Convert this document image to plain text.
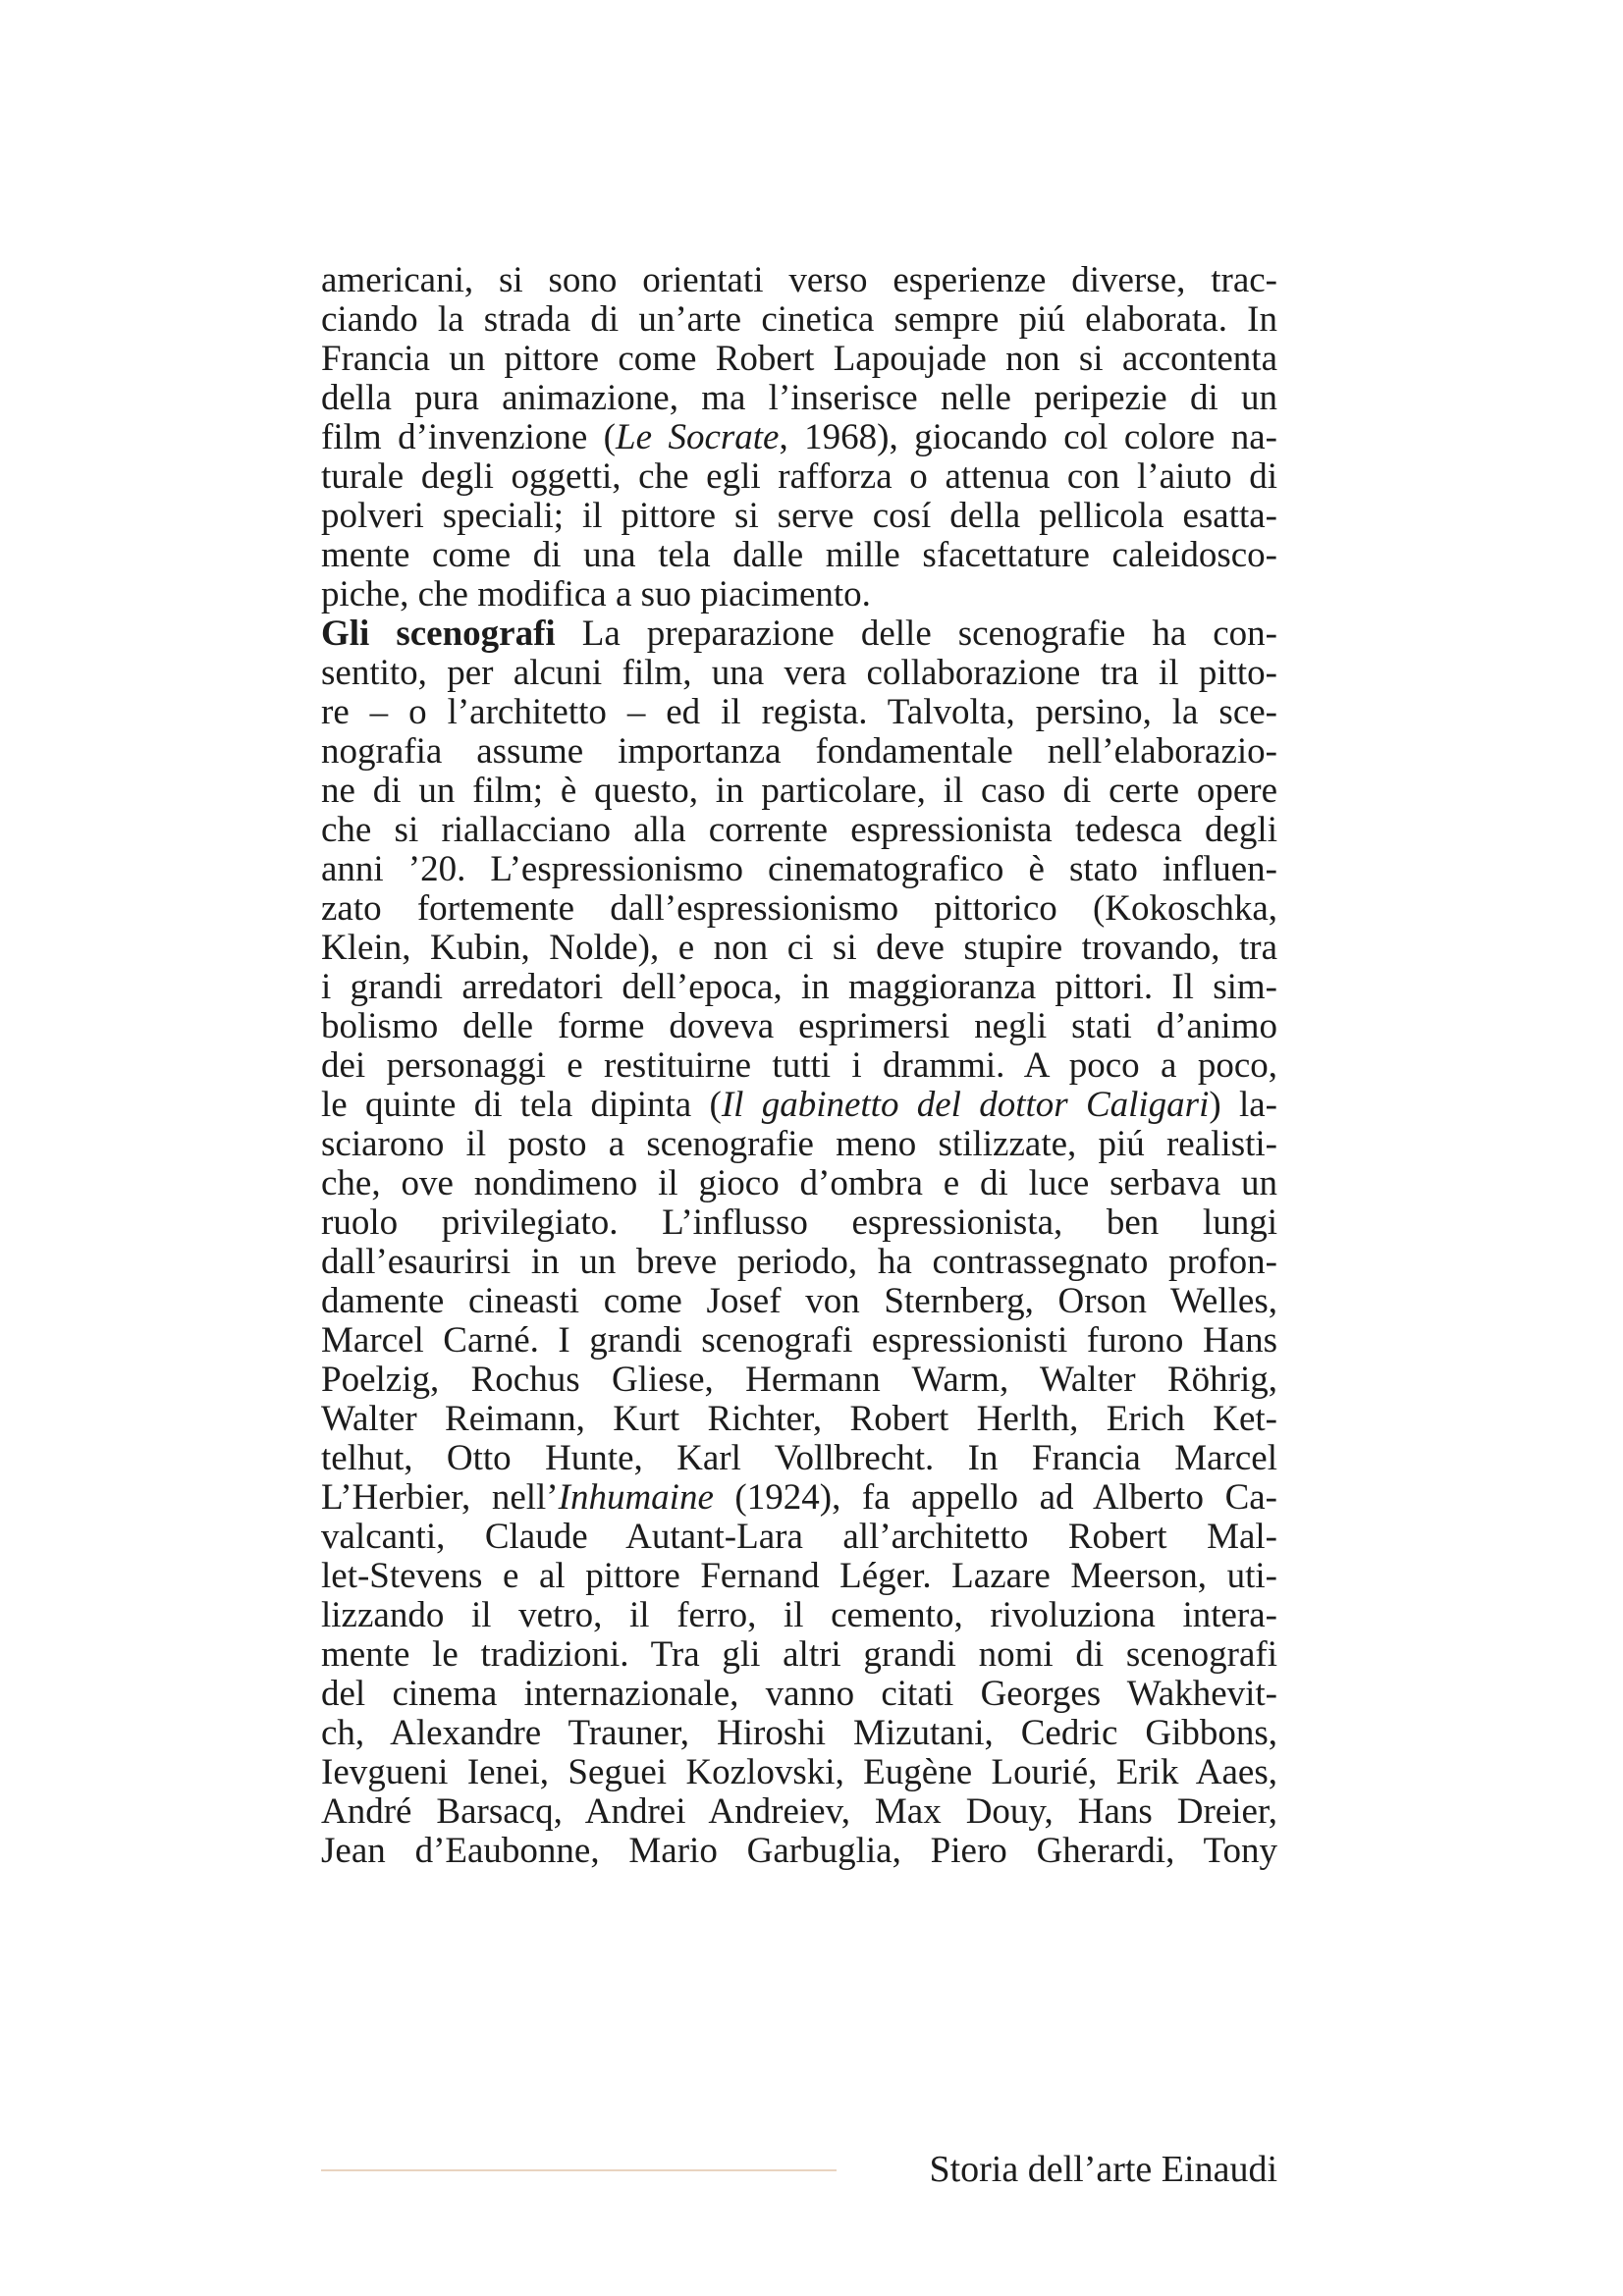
americani, si sono orientati verso esperienze diverse, trac-
ciando la strada di un’arte cinetica sempre piú elaborata. In
Francia un pittore come Robert Lapoujade non si accontenta
della pura animazione, ma l’inserisce nelle peripezie di un
film d’invenzione (Le Socrate, 1968), giocando col colore na-
turale degli oggetti, che egli rafforza o attenua con l’aiuto di
polveri speciali; il pittore si serve cosí della pellicola esatta-
mente come di una tela dalle mille sfacettature caleidosco-
piche, che modifica a suo piacimento.
Gli scenografi La preparazione delle scenografie ha con-
sentito, per alcuni film, una vera collaborazione tra il pitto-
re – o l’architetto – ed il regista. Talvolta, persino, la sce-
nografia assume importanza fondamentale nell’elaborazio-
ne di un film; è questo, in particolare, il caso di certe opere
che si riallacciano alla corrente espressionista tedesca degli
anni ’20. L’espressionismo cinematografico è stato influen-
zato fortemente dall’espressionismo pittorico (Kokoschka,
Klein, Kubin, Nolde), e non ci si deve stupire trovando, tra
i grandi arredatori dell’epoca, in maggioranza pittori. Il sim-
bolismo delle forme doveva esprimersi negli stati d’animo
dei personaggi e restituirne tutti i drammi. A poco a poco,
le quinte di tela dipinta (Il gabinetto del dottor Caligari) la-
sciarono il posto a scenografie meno stilizzate, piú realisti-
che, ove nondimeno il gioco d’ombra e di luce serbava un
ruolo privilegiato. L’influsso espressionista, ben lungi
dall’esaurirsi in un breve periodo, ha contrassegnato profon-
damente cineasti come Josef von Sternberg, Orson Welles,
Marcel Carné. I grandi scenografi espressionisti furono Hans
Poelzig, Rochus Gliese, Hermann Warm, Walter Röhrig,
Walter Reimann, Kurt Richter, Robert Herlth, Erich Ket-
telhut, Otto Hunte, Karl Vollbrecht. In Francia Marcel
L’Herbier, nell’Inhumaine (1924), fa appello ad Alberto Ca-
valcanti, Claude Autant-Lara all’architetto Robert Mal-
let-Stevens e al pittore Fernand Léger. Lazare Meerson, uti-
lizzando il vetro, il ferro, il cemento, rivoluziona intera-
mente le tradizioni. Tra gli altri grandi nomi di scenografi
del cinema internazionale, vanno citati Georges Wakhevit-
ch, Alexandre Trauner, Hiroshi Mizutani, Cedric Gibbons,
Ievgueni Ienei, Seguei Kozlovski, Eugène Lourié, Erik Aaes,
André Barsacq, Andrei Andreiev, Max Douy, Hans Dreier,
Jean d’Eaubonne, Mario Garbuglia, Piero Gherardi, Tony
Storia dell’arte Einaudi
